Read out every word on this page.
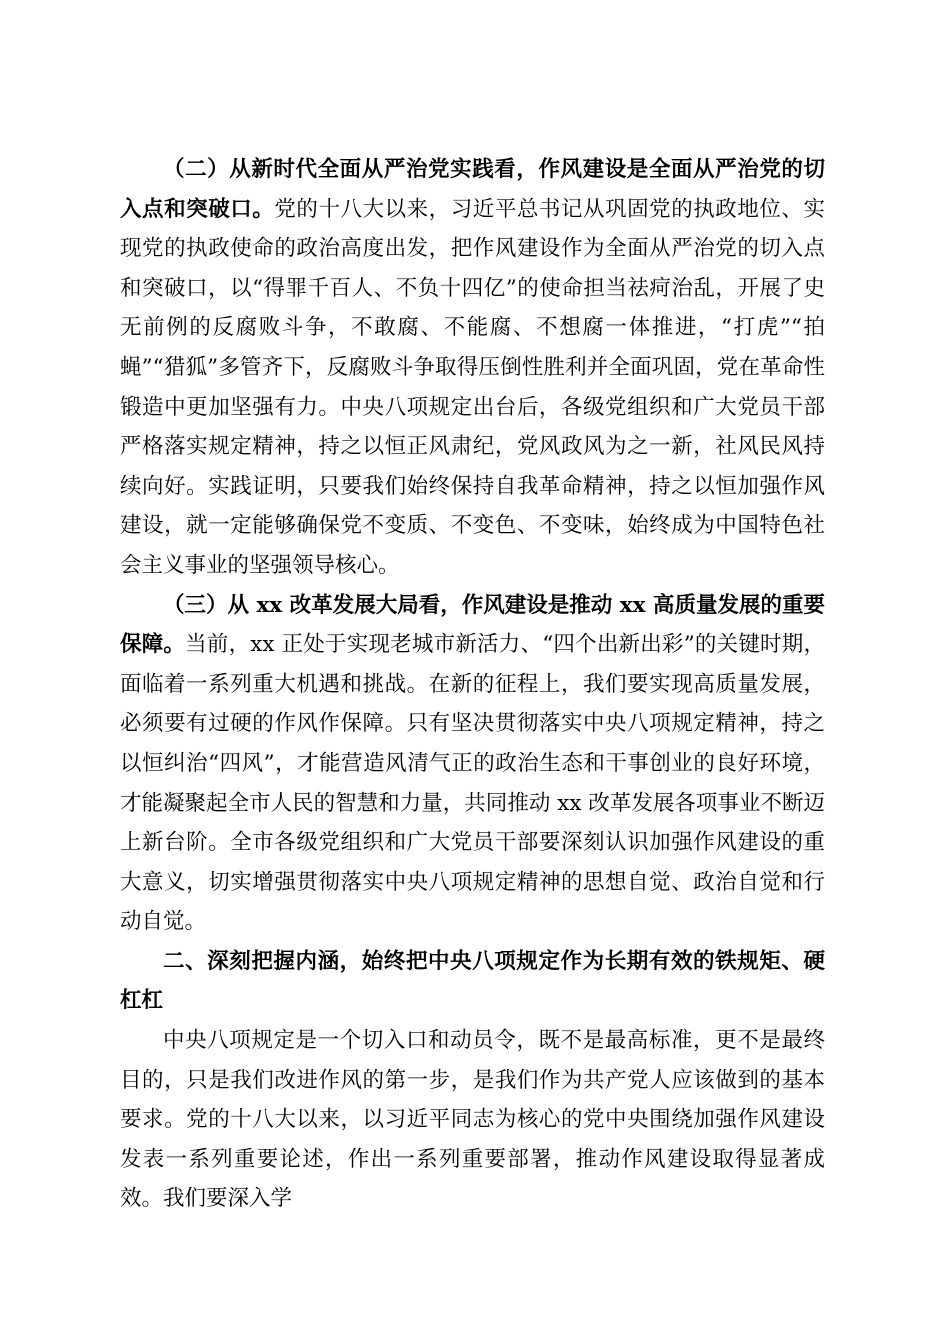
（二）从新时代全面从严治党实践看，作风建设是全面从严治党的切入点和突破口。党的十八大以来，习近平总书记从巩固党的执政地位、实现党的执政使命的政治高度出发，把作风建设作为全面从严治党的切入点和突破口，以“得罪千百人、不负十四亿”的使命担当祛疴治乱，开展了史无前例的反腐败斗争，不敢腐、不能腐、不想腐一体推进，“打虎”“拍蝇”“猎狐”多管齐下，反腐败斗争取得压倒性胜利并全面巩固，党在革命性锻造中更加坚强有力。中央八项规定出台后，各级党组织和广大党员干部严格落实规定精神，持之以恒正风肃纪，党风政风为之一新，社风民风持续向好。实践证明，只要我们始终保持自我革命精神，持之以恒加强作风建设，就一定能够确保党不变质、不变色、不变味，始终成为中国特色社会主义事业的坚强领导核心。

（三）从 xx 改革发展大局看，作风建设是推动 xx 高质量发展的重要保障。当前，xx 正处于实现老城市新活力、“四个出新出彩”的关键时期，面临着一系列重大机遇和挑战。在新的征程上，我们要实现高质量发展，必须要有过硬的作风作保障。只有坚决贯彻落实中央八项规定精神，持之以恒纠治“四风”，才能营造风清气正的政治生态和干事创业的良好环境，才能凝聚起全市人民的智慧和力量，共同推动 xx 改革发展各项事业不断迈上新台阶。全市各级党组织和广大党员干部要深刻认识加强作风建设的重大意义，切实增强贯彻落实中央八项规定精神的思想自觉、政治自觉和行动自觉。

二、深刻把握内涵，始终把中央八项规定作为长期有效的铁规矩、硬杠杠

中央八项规定是一个切入口和动员令，既不是最高标准，更不是最终目的，只是我们改进作风的第一步，是我们作为共产党人应该做到的基本要求。党的十八大以来，以习近平同志为核心的党中央围绕加强作风建设发表一系列重要论述，作出一系列重要部署，推动作风建设取得显著成效。我们要深入学
